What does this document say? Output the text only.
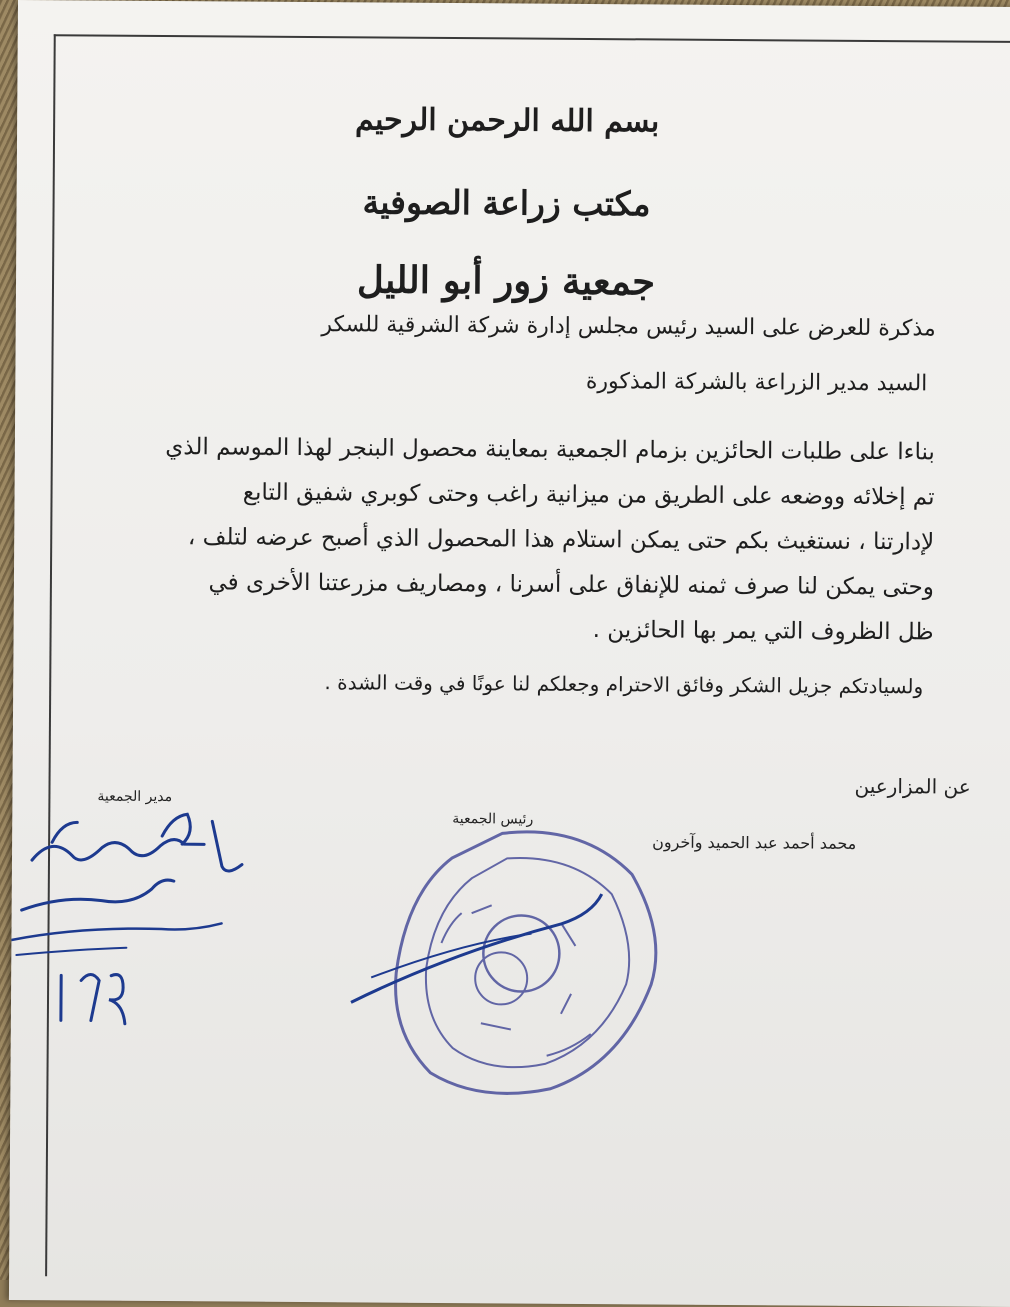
بسم الله الرحمن الرحيم
مكتب زراعة الصوفية
جمعية زور أبو الليل
مذكرة للعرض على السيد رئيس مجلس إدارة شركة الشرقية للسكر
السيد مدير الزراعة بالشركة المذكورة
بناءا على طلبات الحائزين بزمام الجمعية بمعاينة محصول البنجر لهذا الموسم الذي
تم إخلائه ووضعه على الطريق من ميزانية راغب وحتى كوبري شفيق التابع
لإدارتنا ، نستغيث بكم حتى يمكن استلام هذا المحصول الذي أصبح عرضه لتلف ،
وحتى يمكن لنا صرف ثمنه للإنفاق على أسرنا ، ومصاريف مزرعتنا الأخرى في
ظل الظروف التي يمر بها الحائزين .
ولسيادتكم جزيل الشكر وفائق الاحترام وجعلكم لنا عونًا في وقت الشدة .
عن المزارعين
محمد أحمد عبد الحميد وآخرون
رئيس الجمعية
مدير الجمعية
